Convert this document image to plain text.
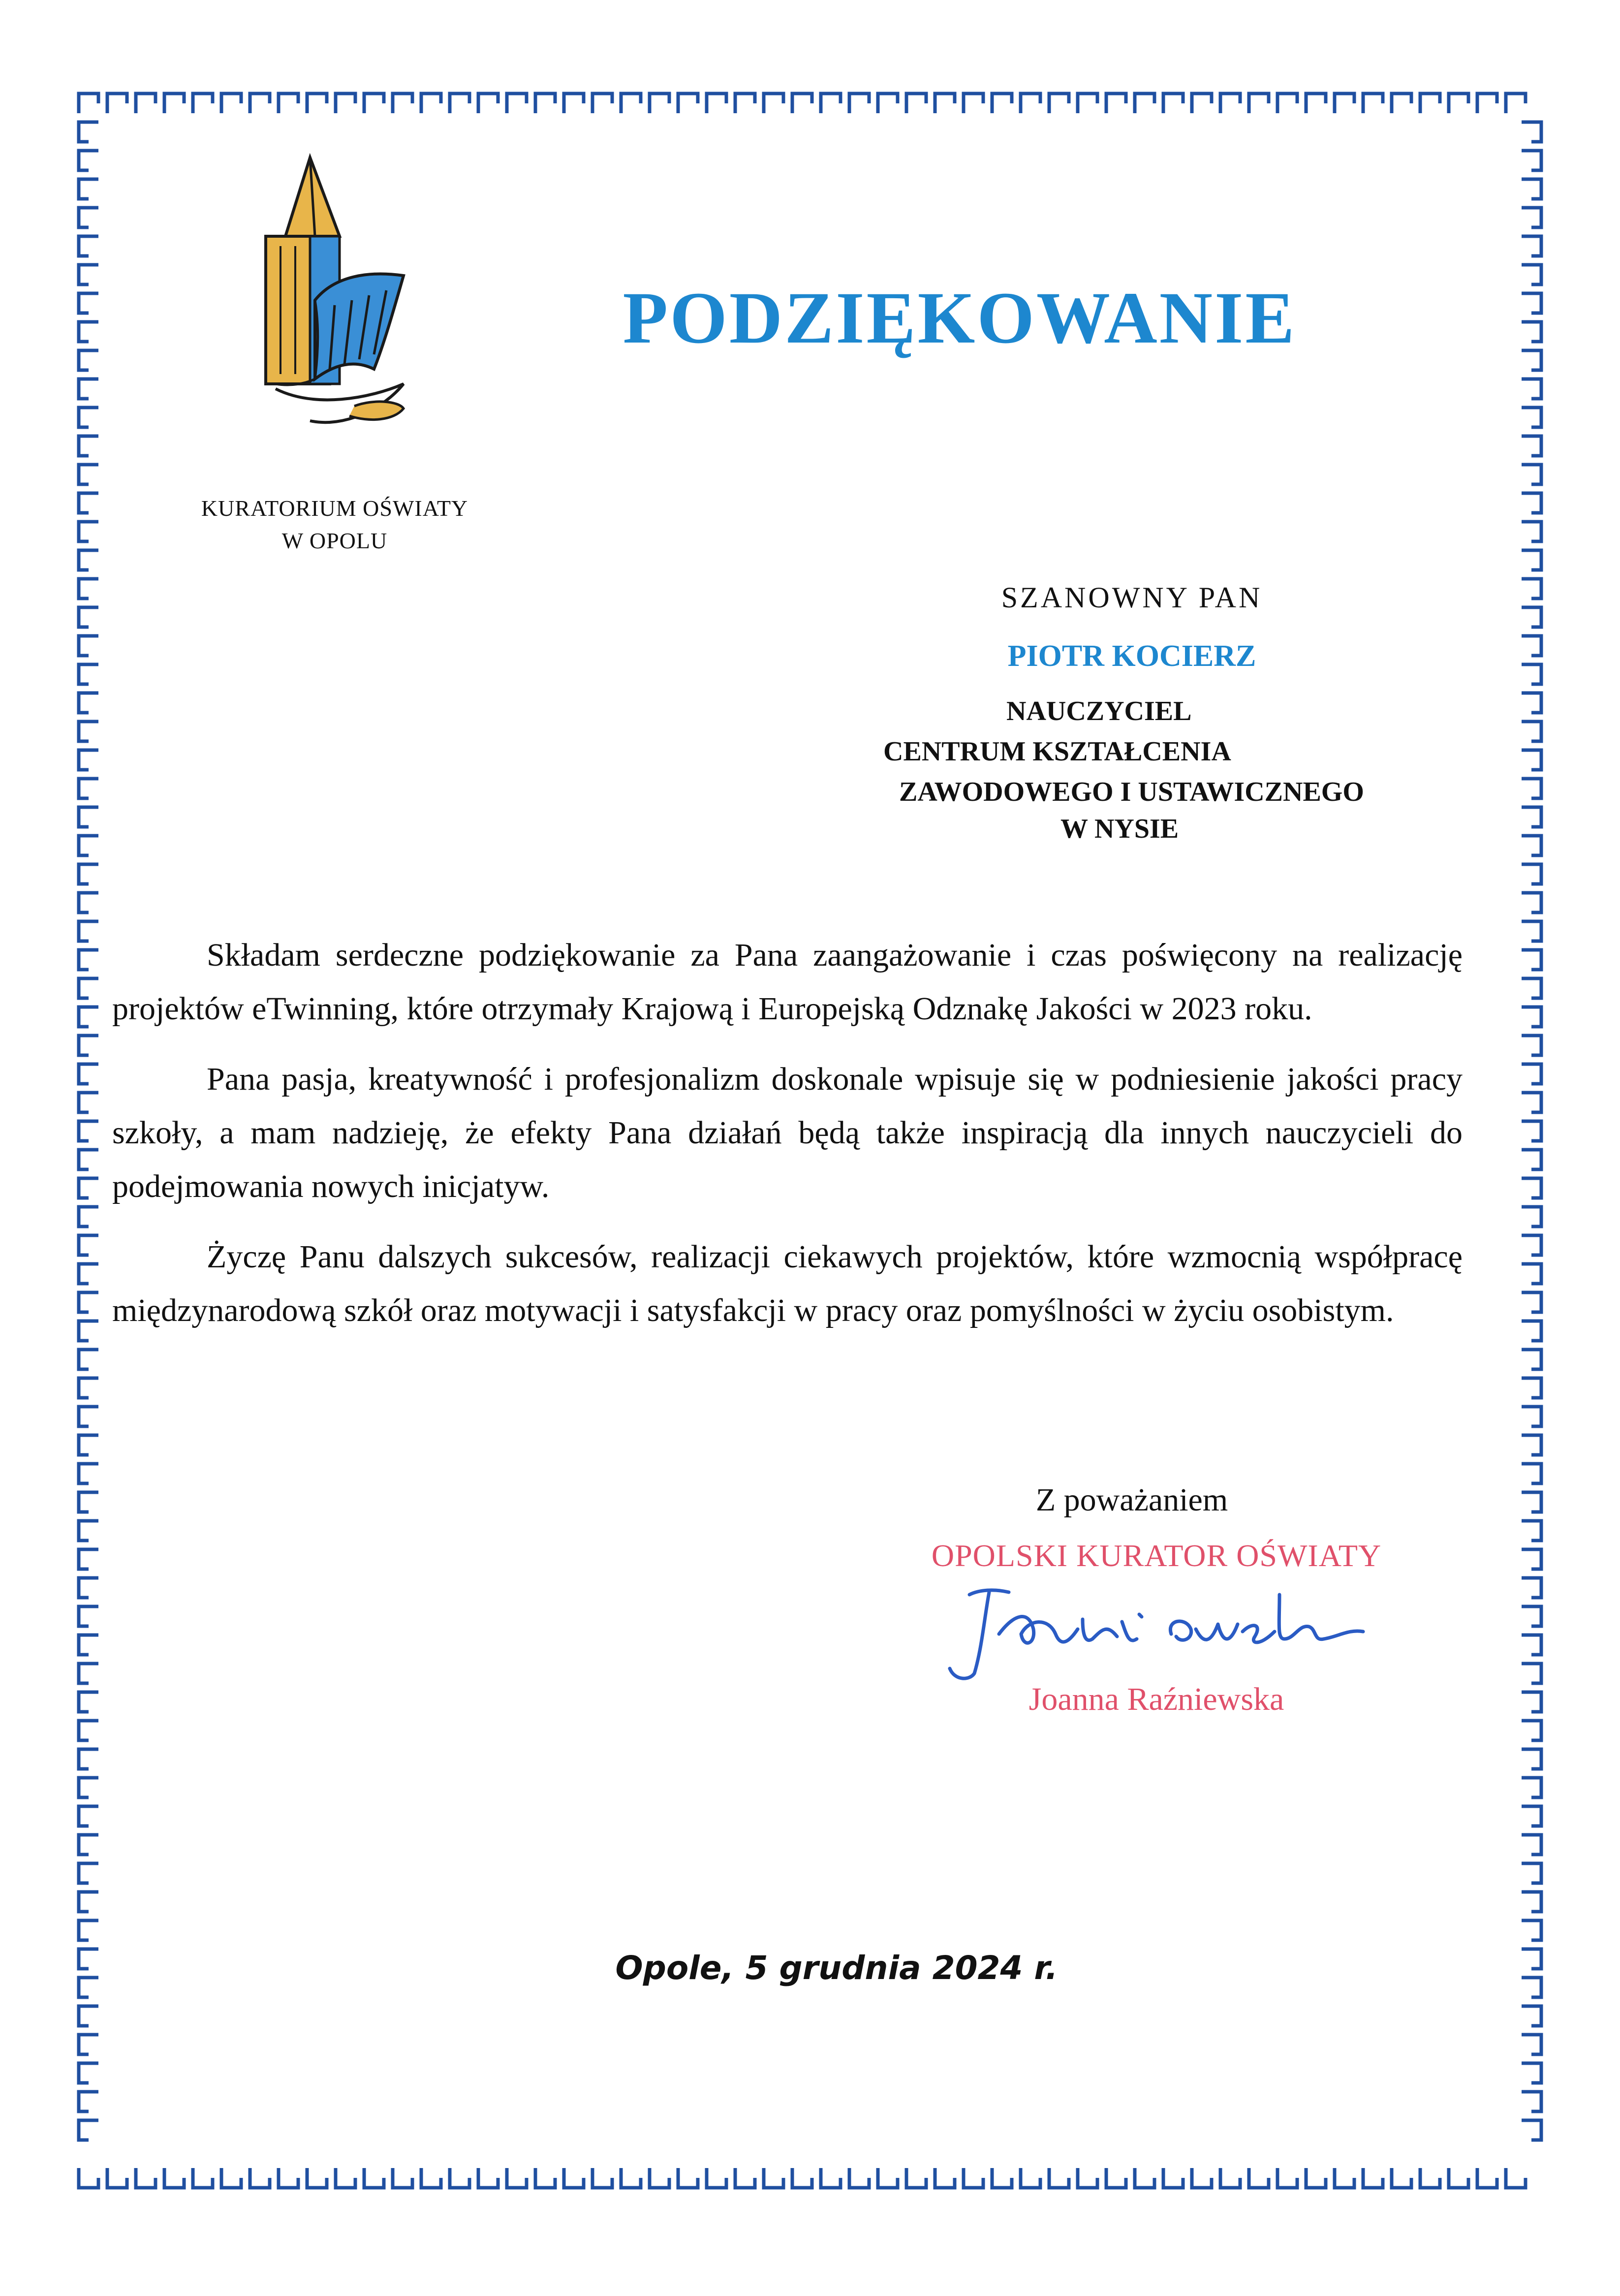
KURATORIUM OŚWIATY
W OPOLU
PODZIĘKOWANIE
SZANOWNY PAN
PIOTR KOCIERZ
NAUCZYCIEL
CENTRUM KSZTAŁCENIA
ZAWODOWEGO I USTAWICZNEGO
W NYSIE

Składam serdeczne podziękowanie za Pana zaangażowanie i czas poświęcony na realizację projektów eTwinning, które otrzymały Krajową i Europejską Odznakę Jakości w 2023 roku.

Pana pasja, kreatywność i profesjonalizm doskonale wpisuje się w podniesienie jakości pracy szkoły, a mam nadzieję, że efekty Pana działań będą także inspiracją dla innych nauczycieli do podejmowania nowych inicjatyw.

Życzę Panu dalszych sukcesów, realizacji ciekawych projektów, które wzmocnią współpracę międzynarodową szkół oraz motywacji i satysfakcji w pracy oraz pomyślności w życiu osobistym.

Z poważaniem
OPOLSKI KURATOR OŚWIATY
Joanna Raźniewska
Opole, 5 grudnia 2024 r.
